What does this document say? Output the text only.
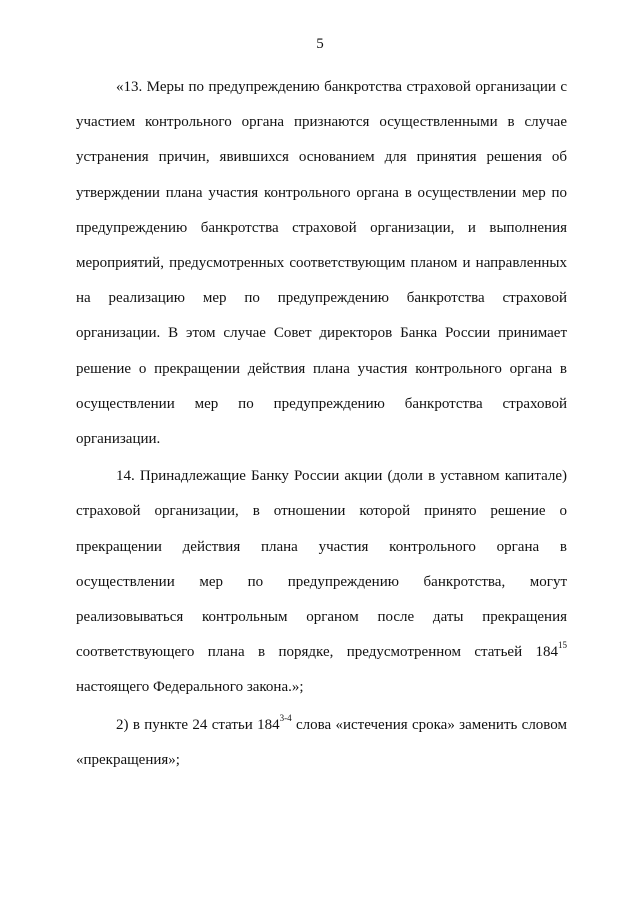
5

«13. Меры по предупреждению банкротства страховой организации с
участием контрольного органа признаются осуществленными в случае
устранения причин, явившихся основанием для принятия решения об
утверждении плана участия контрольного органа в осуществлении мер по
предупреждению банкротства страховой организации, и выполнения
мероприятий, предусмотренных соответствующим планом и направленных
на реализацию мер по предупреждению банкротства страховой
организации. В этом случае Совет директоров Банка России принимает
решение о прекращении действия плана участия контрольного органа в
осуществлении мер по предупреждению банкротства страховой
организации.

14. Принадлежащие Банку России акции (доли в уставном капитале)
страховой организации, в отношении которой принято решение о
прекращении действия плана участия контрольного органа в
осуществлении мер по предупреждению банкротства, могут
реализовываться контрольным органом после даты прекращения
соответствующего плана в порядке, предусмотренном статьей $184^{15}$
настоящего Федерального закона.»;

2) в пункте 24 статьи 184$^{3-4}$ слова «истечения срока» заменить словом
«прекращения»;
